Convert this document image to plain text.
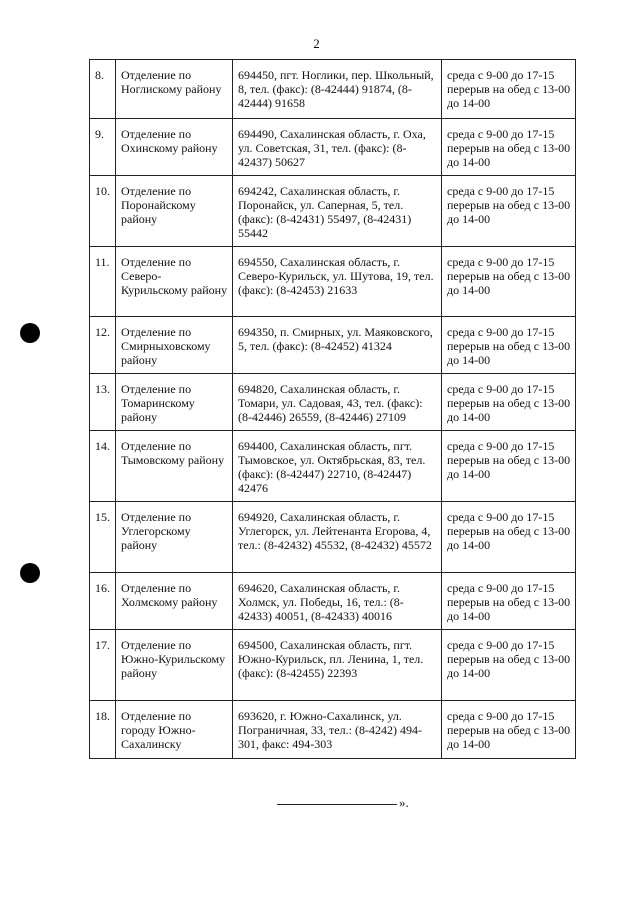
2
8.	Отделение по Ноглискому району	694450, пгт. Ноглики, пер. Школьный, 8, тел. (факс): (8-42444) 91874, (8-42444) 91658	среда с 9-00 до 17-15 перерыв на обед с 13-00 до 14-00
9.	Отделение по Охинскому району	694490, Сахалинская область, г. Оха, ул. Советская, 31, тел. (факс): (8-42437) 50627	среда с 9-00 до 17-15 перерыв на обед с 13-00 до 14-00
10.	Отделение по Поронайскому району	694242, Сахалинская область, г. Поронайск, ул. Саперная, 5, тел. (факс): (8-42431) 55497, (8-42431) 55442	среда с 9-00 до 17-15 перерыв на обед с 13-00 до 14-00
11.	Отделение по Северо-Курильскому району	694550, Сахалинская область, г. Северо-Курильск, ул. Шутова, 19, тел. (факс): (8-42453) 21633	среда с 9-00 до 17-15 перерыв на обед с 13-00 до 14-00
12.	Отделение по Смирныховскому району	694350, п. Смирных, ул. Маяковского, 5, тел. (факс): (8-42452) 41324	среда с 9-00 до 17-15 перерыв на обед с 13-00 до 14-00
13.	Отделение по Томаринскому району	694820, Сахалинская область, г. Томари, ул. Садовая, 43, тел. (факс): (8-42446) 26559, (8-42446) 27109	среда с 9-00 до 17-15 перерыв на обед с 13-00 до 14-00
14.	Отделение по Тымовскому району	694400, Сахалинская область, пгт. Тымовское, ул. Октябрьская, 83, тел. (факс): (8-42447) 22710, (8-42447) 42476	среда с 9-00 до 17-15 перерыв на обед с 13-00 до 14-00
15.	Отделение по Углегорскому району	694920, Сахалинская область, г. Углегорск, ул. Лейтенанта Егорова, 4, тел.: (8-42432) 45532, (8-42432) 45572	среда с 9-00 до 17-15 перерыв на обед с 13-00 до 14-00
16.	Отделение по Холмскому району	694620, Сахалинская область, г. Холмск, ул. Победы, 16, тел.: (8-42433) 40051, (8-42433) 40016	среда с 9-00 до 17-15 перерыв на обед с 13-00 до 14-00
17.	Отделение по Южно-Курильскому району	694500, Сахалинская область, пгт. Южно-Курильск, пл. Ленина, 1, тел. (факс): (8-42455) 22393	среда с 9-00 до 17-15 перерыв на обед с 13-00 до 14-00
18.	Отделение по городу Южно-Сахалинску	693620, г. Южно-Сахалинск, ул. Пограничная, 33, тел.: (8-4242) 494-301, факс: 494-303	среда с 9-00 до 17-15 перерыв на обед с 13-00 до 14-00
».
